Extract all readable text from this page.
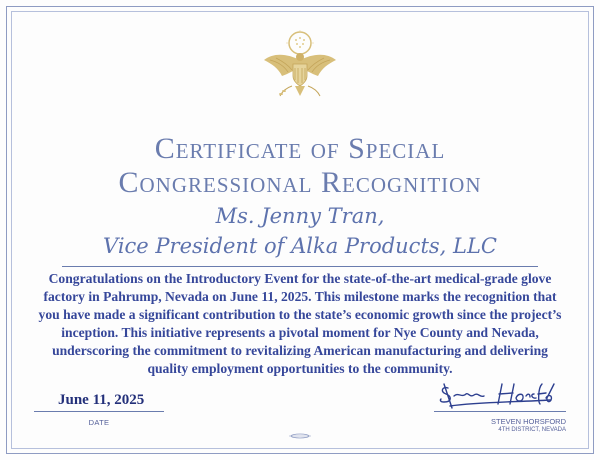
Certificate of Special
Congressional Recognition
Ms. Jenny Tran,
Vice President of Alka Products, LLC
Congratulations on the Introductory Event for the state-of-the-art medical-grade glove factory in Pahrump, Nevada on June 11, 2025. This milestone marks the recognition that you have made a significant contribution to the state’s economic growth since the project’s inception. This initiative represents a pivotal moment for Nye County and Nevada, underscoring the commitment to revitalizing American manufacturing and delivering quality employment opportunities to the community.
June 11, 2025
DATE	STEVEN HORSFORD
4TH DISTRICT, NEVADA
